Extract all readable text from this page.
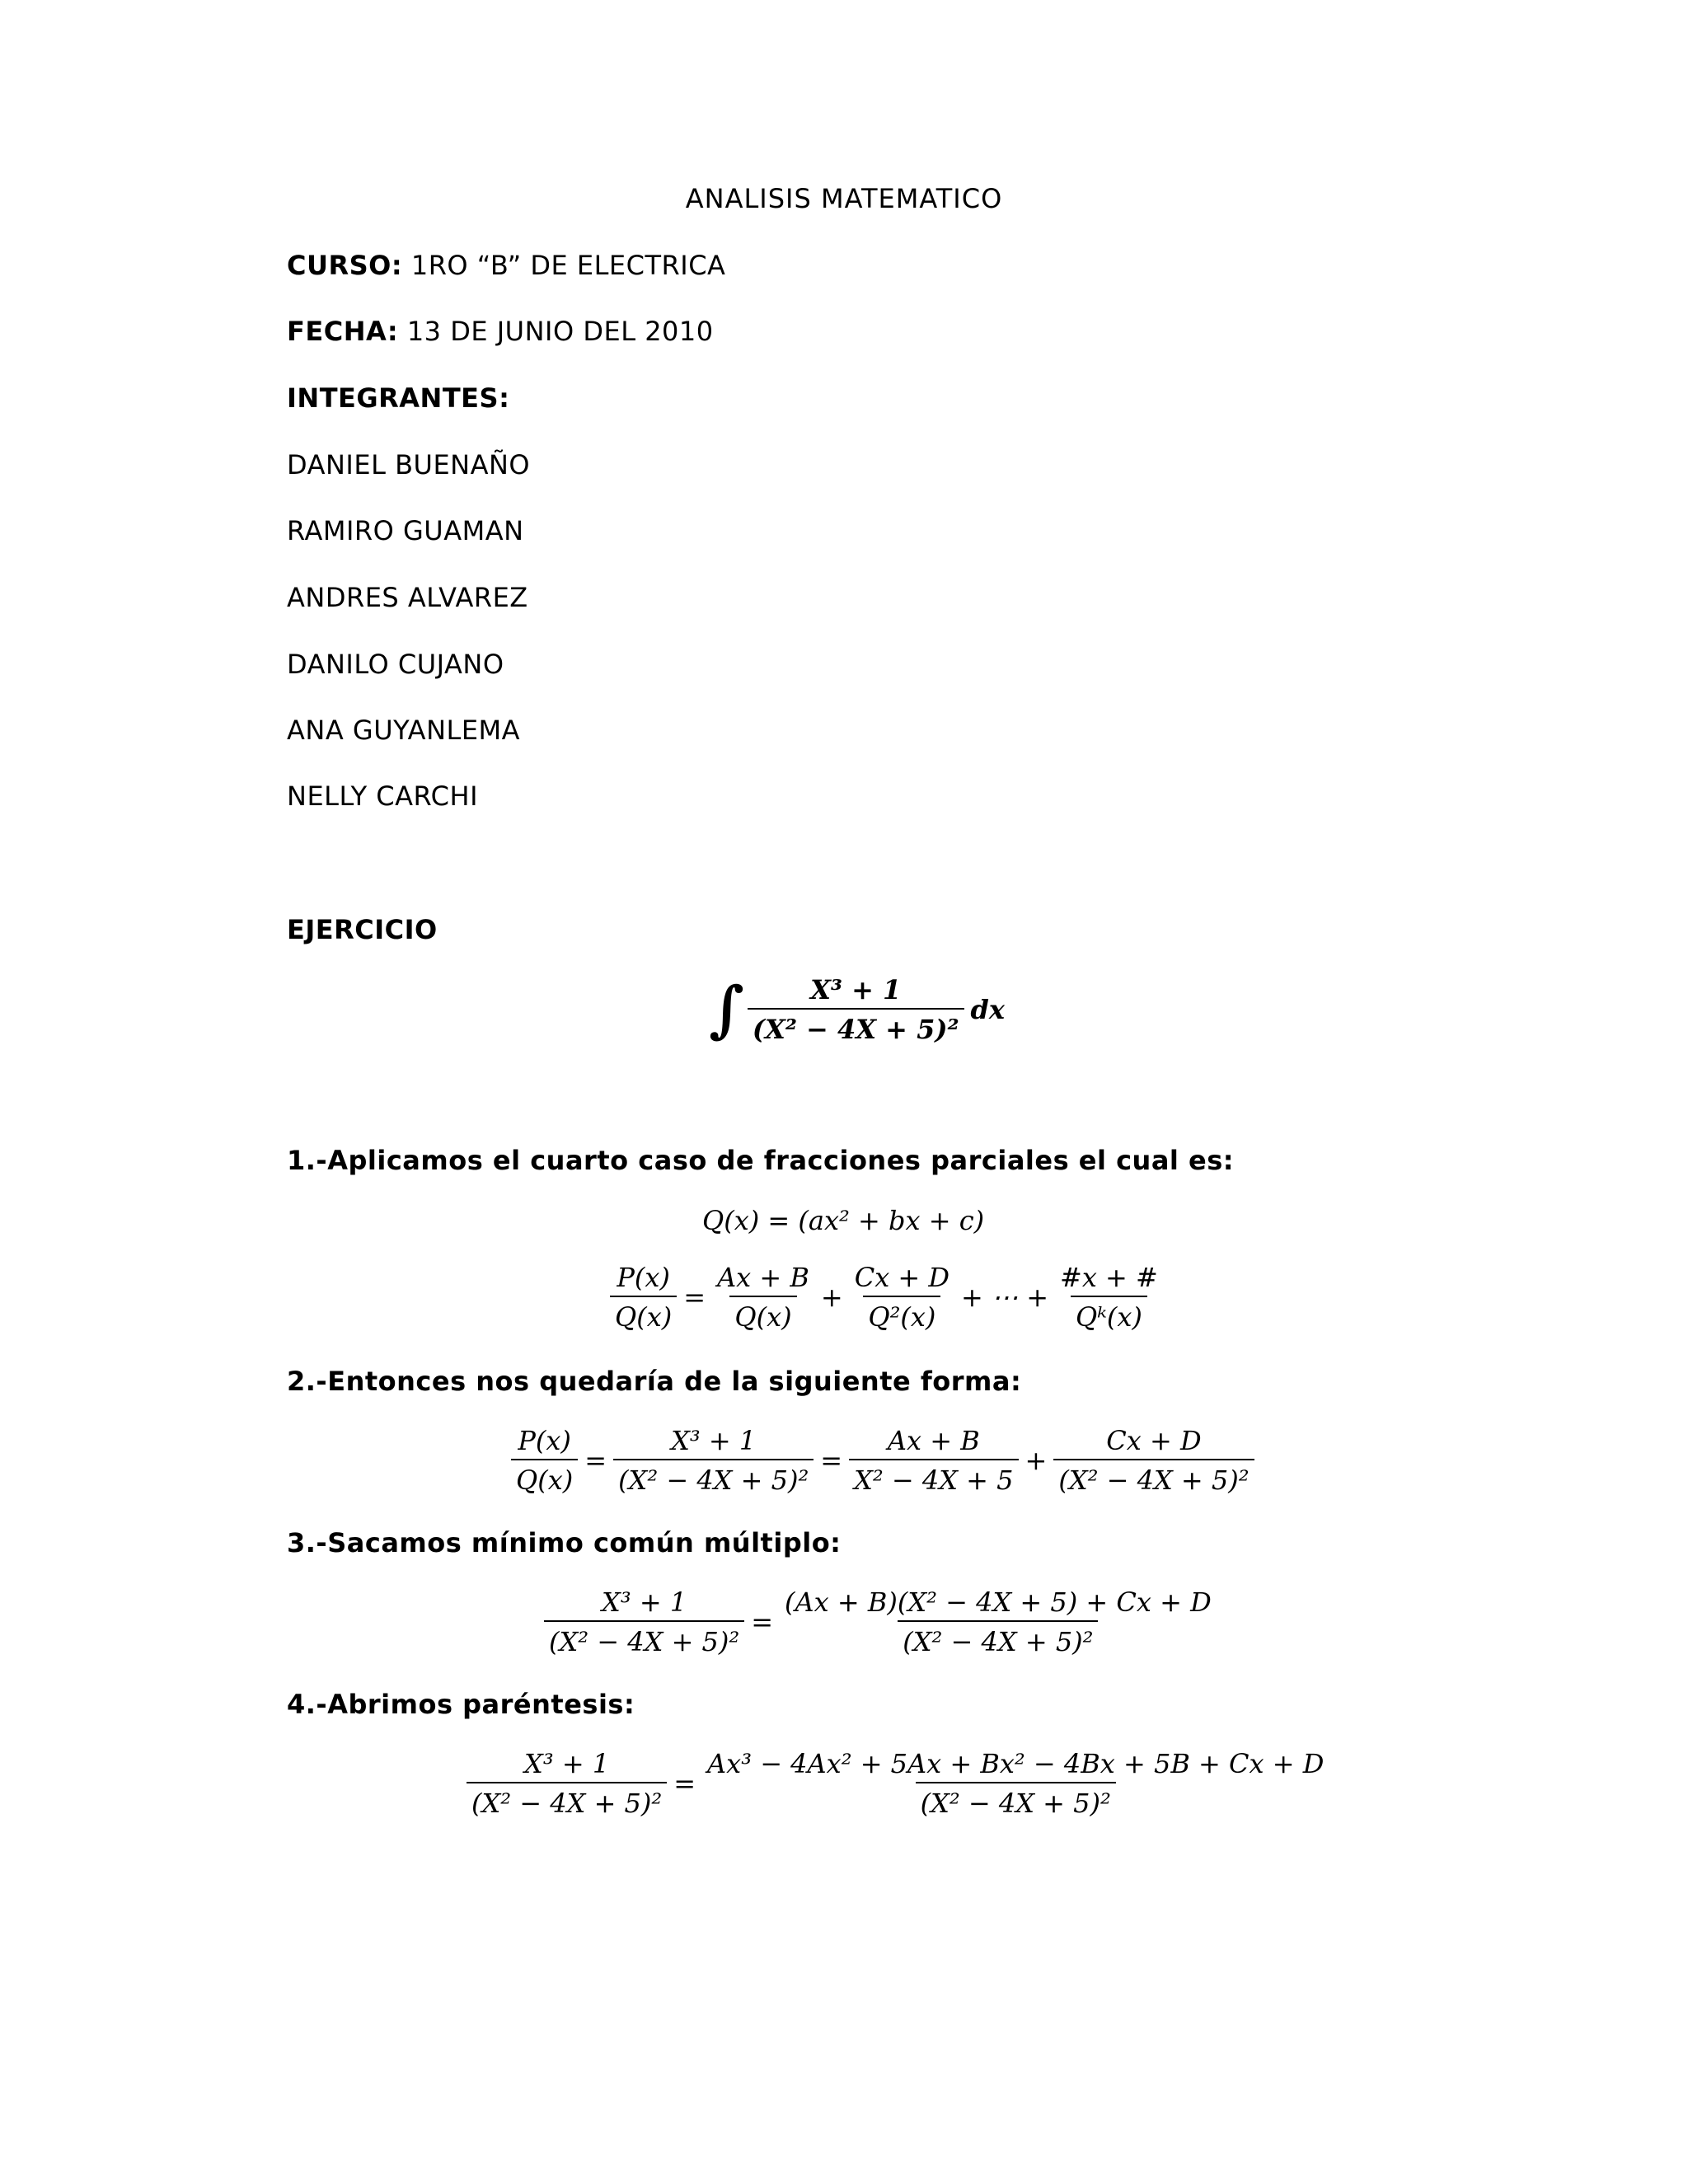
ANALISIS MATEMATICO
CURSO: 1RO “B” DE ELECTRICA
FECHA: 13 DE JUNIO DEL 2010
INTEGRANTES:
DANIEL BUENAÑO
RAMIRO GUAMAN
ANDRES ALVAREZ
DANILO CUJANO
ANA GUYANLEMA
NELLY CARCHI
EJERCICIO
∫ $\frac{\text{X³ + 1}}{\text{(X² − 4X + 5)²}}$ dx
1.-Aplicamos el cuarto caso de fracciones parciales el cual es:
Q(x) = (ax² + bx + c)
$\frac{P(x)}{Q(x)} = \frac{Ax + B}{Q(x)} + \frac{Cx + D}{\text{Q²(x)}}$ + ⋯ + $\frac{\#x + \#}{\text{Qᵏ(x)}}$
2.-Entonces nos quedaría de la siguiente forma:
$\frac{P(x)}{Q(x)} = \frac{\text{X³ + 1}}{\text{(X² − 4X + 5)²}} = \frac{Ax + B}{\text{X² − 4X + 5}} + \frac{Cx + D}{\text{(X² − 4X + 5)²}}$
3.-Sacamos mínimo común múltiplo:
$\frac{\text{X³ + 1}}{\text{(X² − 4X + 5)²}} = \frac{\text{(Ax + B)(X² − 4X + 5) + Cx + D}}{\text{(X² − 4X + 5)²}}$
4.-Abrimos paréntesis:
$\frac{\text{X³ + 1}}{\text{(X² − 4X + 5)²}} = \frac{\text{Ax³ − 4Ax² + 5Ax + Bx² − 4Bx + 5B + Cx + D}}{\text{(X² − 4X + 5)²}}$
